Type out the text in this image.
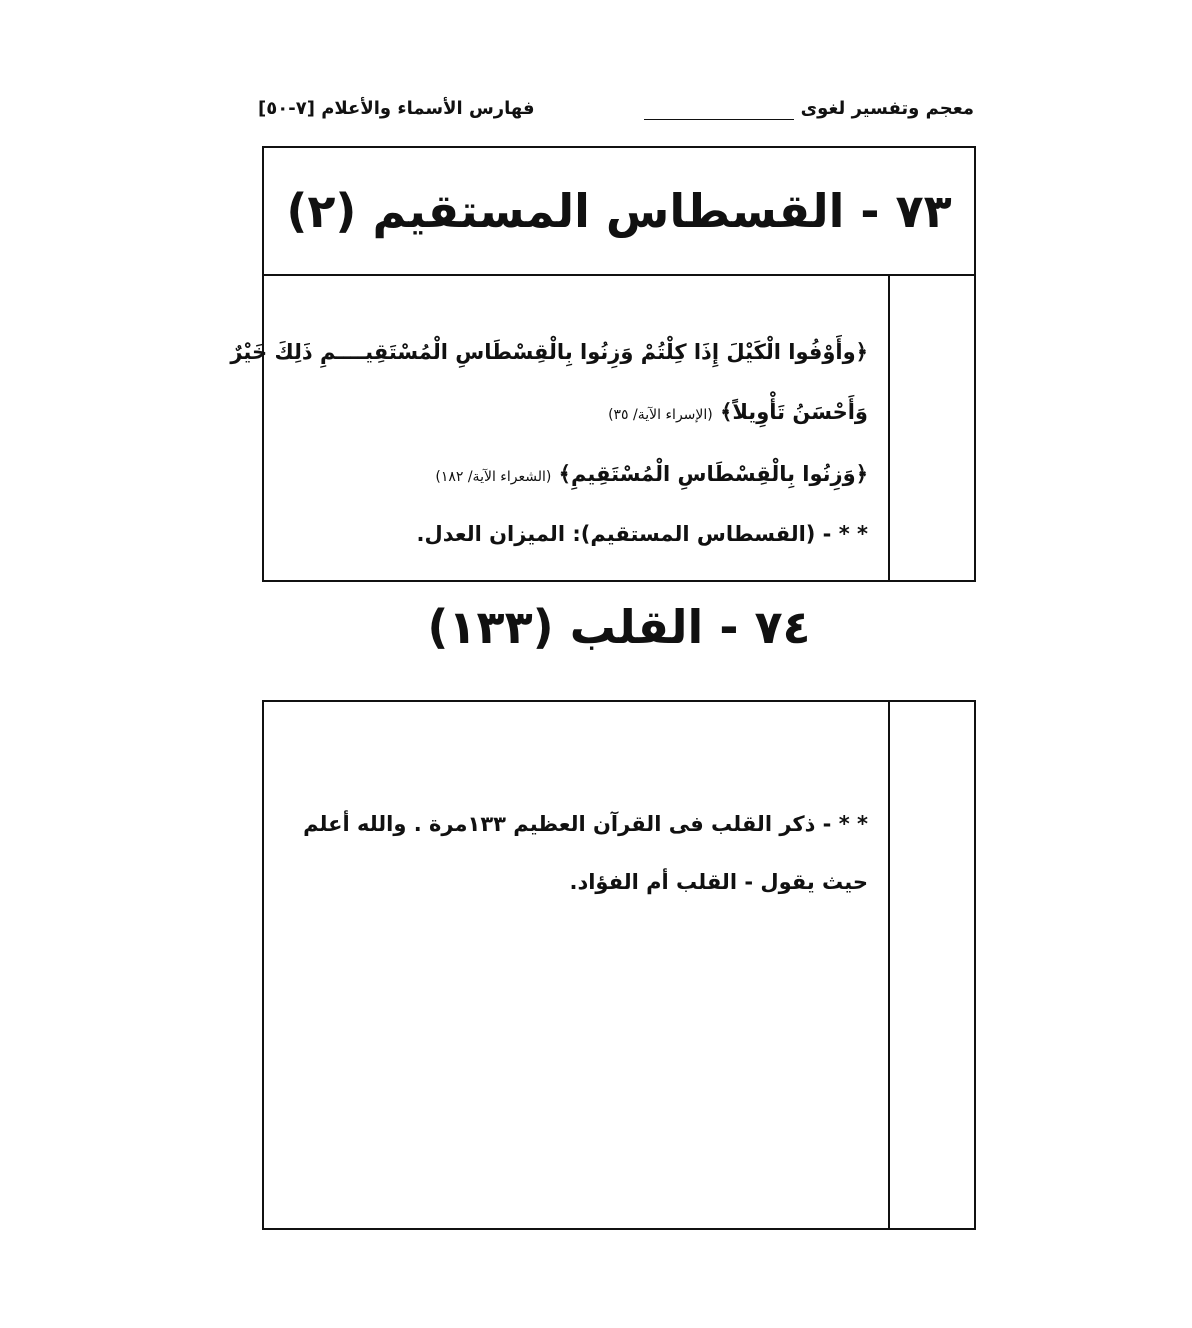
معجم وتفسير لغوى
فهارس الأسماء والأعلام [٧-٥٠]
٧٣ - القسطاس المستقيم (٢)
﴿وأَوْفُوا الْكَيْلَ إِذَا كِلْتُمْ وَزِنُوا بِالْقِسْطَاسِ الْمُسْتَقِيــــمِ ذَلِكَ خَيْرٌ
وَأَحْسَنُ تَأْوِيلاً﴾ (الإسراء الآية/ ٣٥)
﴿وَزِنُوا بِالْقِسْطَاسِ الْمُسْتَقِيمِ﴾ (الشعراء الآية/ ١٨٢)
* * - (القسطاس المستقيم): الميزان العدل.
٧٤ - القلب (١٣٣)
* * - ذكر القلب فى القرآن العظيم ١٣٣مرة . والله أعلم
حيث يقول - القلب أم الفؤاد.
